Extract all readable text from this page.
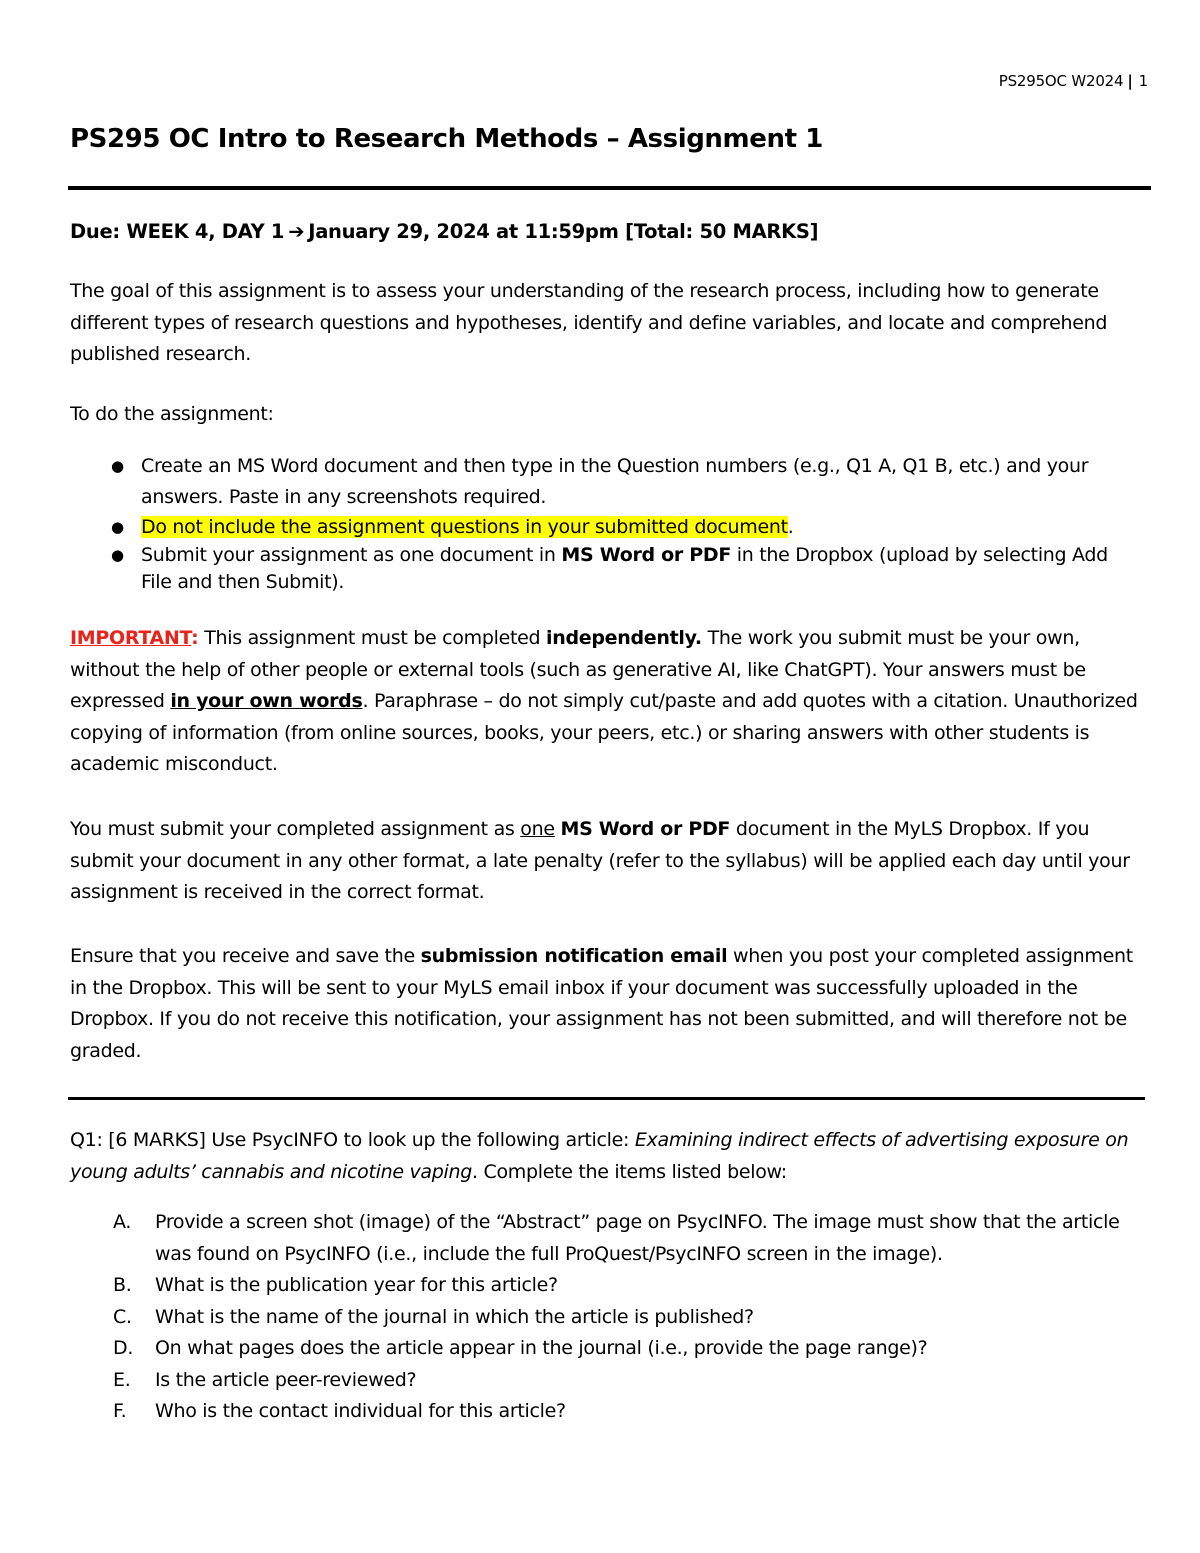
PS295OC W2024 | 1
PS295 OC Intro to Research Methods – Assignment 1
Due: WEEK 4, DAY 1 ➔ January 29, 2024 at 11:59pm [Total: 50 MARKS]

The goal of this assignment is to assess your understanding of the research process, including how to generate different types of research questions and hypotheses, identify and define variables, and locate and comprehend published research.

To do the assignment:

● Create an MS Word document and then type in the Question numbers (e.g., Q1 A, Q1 B, etc.) and your answers. Paste in any screenshots required.
● Do not include the assignment questions in your submitted document.
● Submit your assignment as one document in MS Word or PDF in the Dropbox (upload by selecting Add File and then Submit).

IMPORTANT: This assignment must be completed independently. The work you submit must be your own, without the help of other people or external tools (such as generative AI, like ChatGPT). Your answers must be expressed in your own words. Paraphrase – do not simply cut/paste and add quotes with a citation. Unauthorized copying of information (from online sources, books, your peers, etc.) or sharing answers with other students is academic misconduct.

You must submit your completed assignment as one MS Word or PDF document in the MyLS Dropbox. If you submit your document in any other format, a late penalty (refer to the syllabus) will be applied each day until your assignment is received in the correct format.

Ensure that you receive and save the submission notification email when you post your completed assignment in the Dropbox. This will be sent to your MyLS email inbox if your document was successfully uploaded in the Dropbox. If you do not receive this notification, your assignment has not been submitted, and will therefore not be graded.

Q1: [6 MARKS] Use PsycINFO to look up the following article: Examining indirect effects of advertising exposure on young adults’ cannabis and nicotine vaping. Complete the items listed below:

A. Provide a screen shot (image) of the “Abstract” page on PsycINFO. The image must show that the article was found on PsycINFO (i.e., include the full ProQuest/PsycINFO screen in the image).
B. What is the publication year for this article?
C. What is the name of the journal in which the article is published?
D. On what pages does the article appear in the journal (i.e., provide the page range)?
E. Is the article peer-reviewed?
F. Who is the contact individual for this article?
